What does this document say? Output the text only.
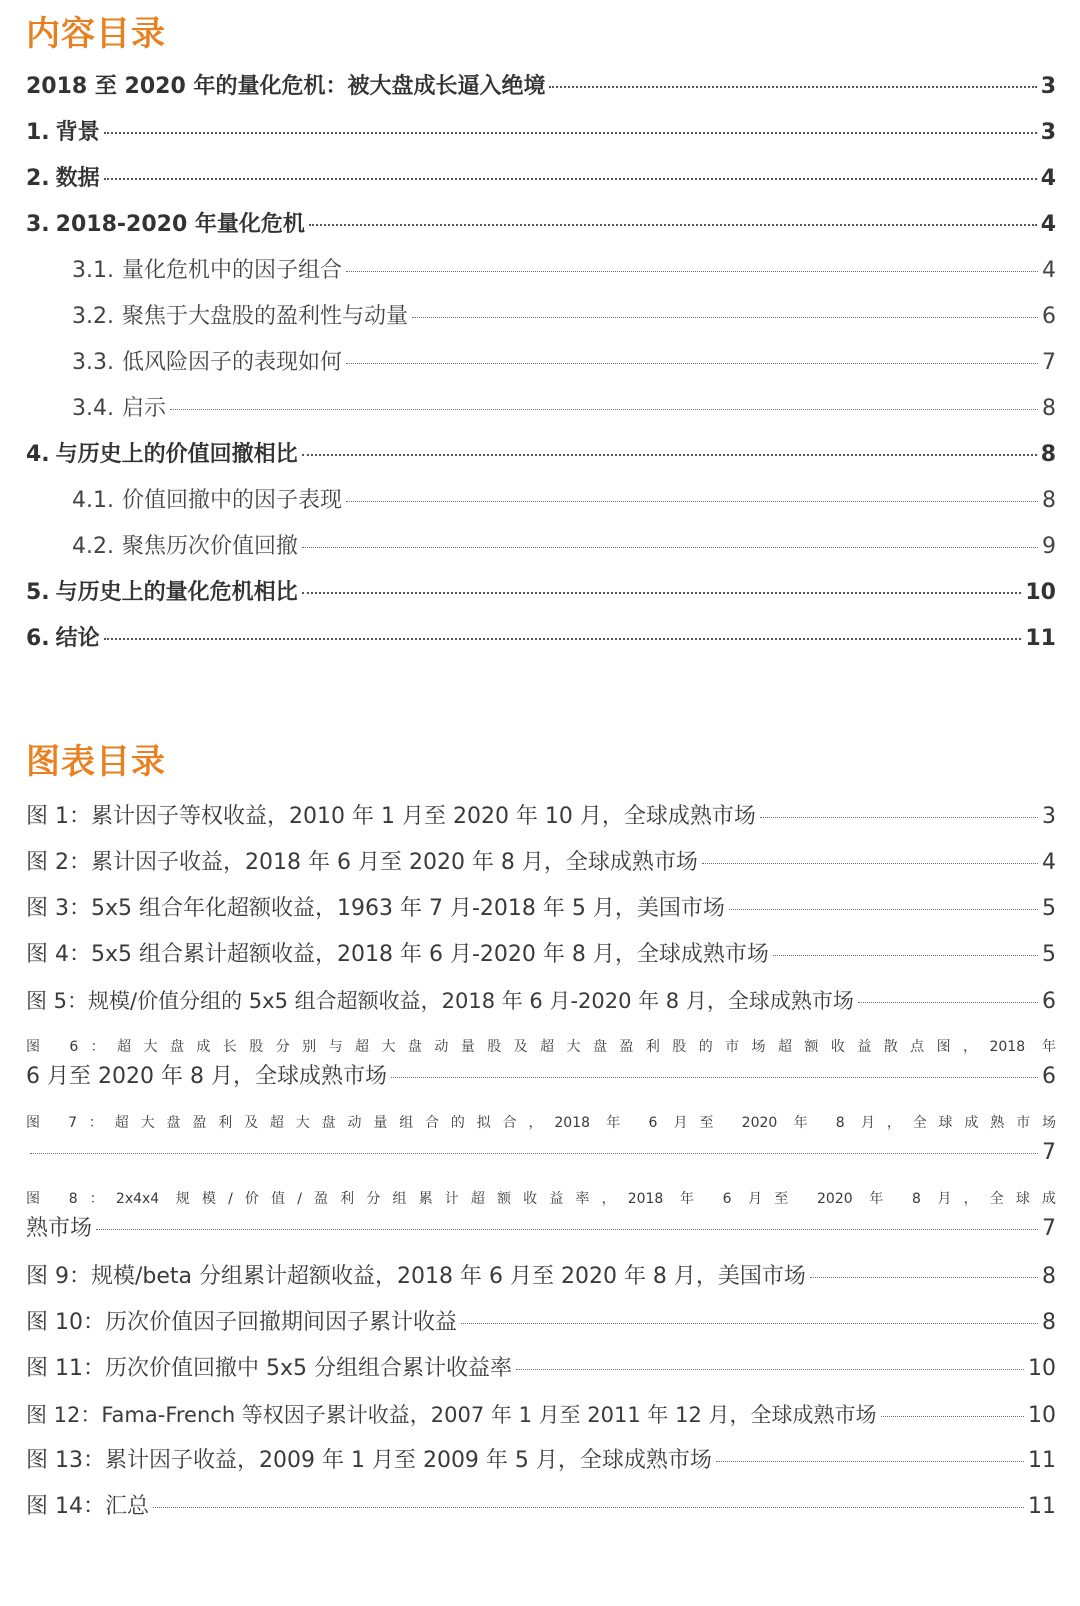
内容目录
2018 至 2020 年的量化危机：被大盘成长逼入绝境	3
1. 背景	3
2. 数据	4
3. 2018-2020 年量化危机	4
3.1. 量化危机中的因子组合	4
3.2. 聚焦于大盘股的盈利性与动量	6
3.3. 低风险因子的表现如何	7
3.4. 启示	8
4. 与历史上的价值回撤相比	8
4.1. 价值回撤中的因子表现	8
4.2. 聚焦历次价值回撤	9
5. 与历史上的量化危机相比	10
6. 结论	11
图表目录
图 1：累计因子等权收益，2010 年 1 月至 2020 年 10 月，全球成熟市场	3
图 2：累计因子收益，2018 年 6 月至 2020 年 8 月，全球成熟市场	4
图 3：5x5 组合年化超额收益，1963 年 7 月-2018 年 5 月，美国市场	5
图 4：5x5 组合累计超额收益，2018 年 6 月-2020 年 8 月，全球成熟市场	5
图 5：规模/价值分组的 5x5 组合超额收益，2018 年 6 月-2020 年 8 月，全球成熟市场	6
图 6：超大盘成长股分别与超大盘动量股及超大盘盈利股的市场超额收益散点图，2018 年
6 月至 2020 年 8 月，全球成熟市场	6
图 7：超大盘盈利及超大盘动量组合的拟合，2018 年 6 月至 2020 年 8 月，全球成熟市场
7
图 8：2x4x4 规模/价值/盈利分组累计超额收益率，2018 年 6 月至 2020 年 8 月，全球成
熟市场	7
图 9：规模/beta 分组累计超额收益，2018 年 6 月至 2020 年 8 月，美国市场	8
图 10：历次价值因子回撤期间因子累计收益	8
图 11：历次价值回撤中 5x5 分组组合累计收益率	10
图 12：Fama-French 等权因子累计收益，2007 年 1 月至 2011 年 12 月，全球成熟市场	10
图 13：累计因子收益，2009 年 1 月至 2009 年 5 月，全球成熟市场	11
图 14：汇总	11
